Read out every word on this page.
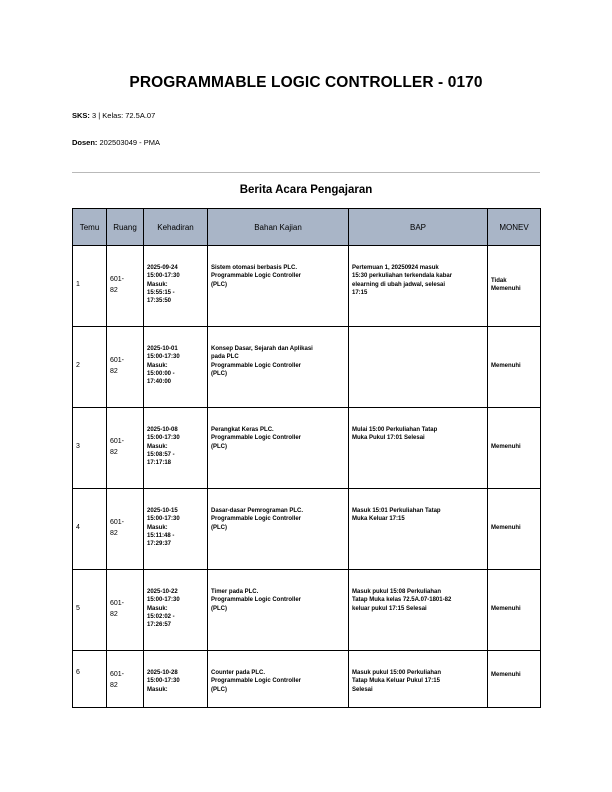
PROGRAMMABLE LOGIC CONTROLLER - 0170
SKS: 3 | Kelas: 72.5A.07
Dosen: 202503049 - PMA
Berita Acara Pengajaran
Temu	Ruang	Kehadiran	Bahan Kajian	BAP	MONEV

1	601-
82	2025-09-24
15:00-17:30
Masuk:
15:55:15 -
17:35:50	Sistem otomasi berbasis PLC.
Programmable Logic Controller
(PLC)	Pertemuan 1, 20250924 masuk
15:30 perkuliahan terkendala kabar
elearning di ubah jadwal, selesai
17:15	Tidak
Memenuhi

2	601-
82	2025-10-01
15:00-17:30
Masuk:
15:00:00 -
17:40:00	Konsep Dasar, Sejarah dan Aplikasi
pada PLC
Programmable Logic Controller
(PLC)		Memenuhi

3	601-
82	2025-10-08
15:00-17:30
Masuk:
15:08:57 -
17:17:18	Perangkat Keras PLC.
Programmable Logic Controller
(PLC)	Mulai 15:00 Perkuliahan Tatap
Muka Pukul 17:01 Selesai	Memenuhi

4	601-
82	2025-10-15
15:00-17:30
Masuk:
15:11:48 -
17:29:37	Dasar-dasar Pemrograman PLC.
Programmable Logic Controller
(PLC)	Masuk 15:01 Perkuliahan Tatap
Muka Keluar 17:15	Memenuhi

5	601-
82	2025-10-22
15:00-17:30
Masuk:
15:02:02 -
17:26:57	Timer pada PLC.
Programmable Logic Controller
(PLC)	Masuk pukul 15:08 Perkuliahan
Tatap Muka kelas 72.5A.07-1801-82
keluar pukul 17:15 Selesai	Memenuhi

6	601-
82	2025-10-28
15:00-17:30
Masuk:	Counter pada PLC.
Programmable Logic Controller
(PLC)	Masuk pukul 15:00 Perkuliahan
Tatap Muka Keluar Pukul 17:15
Selesai	Memenuhi
